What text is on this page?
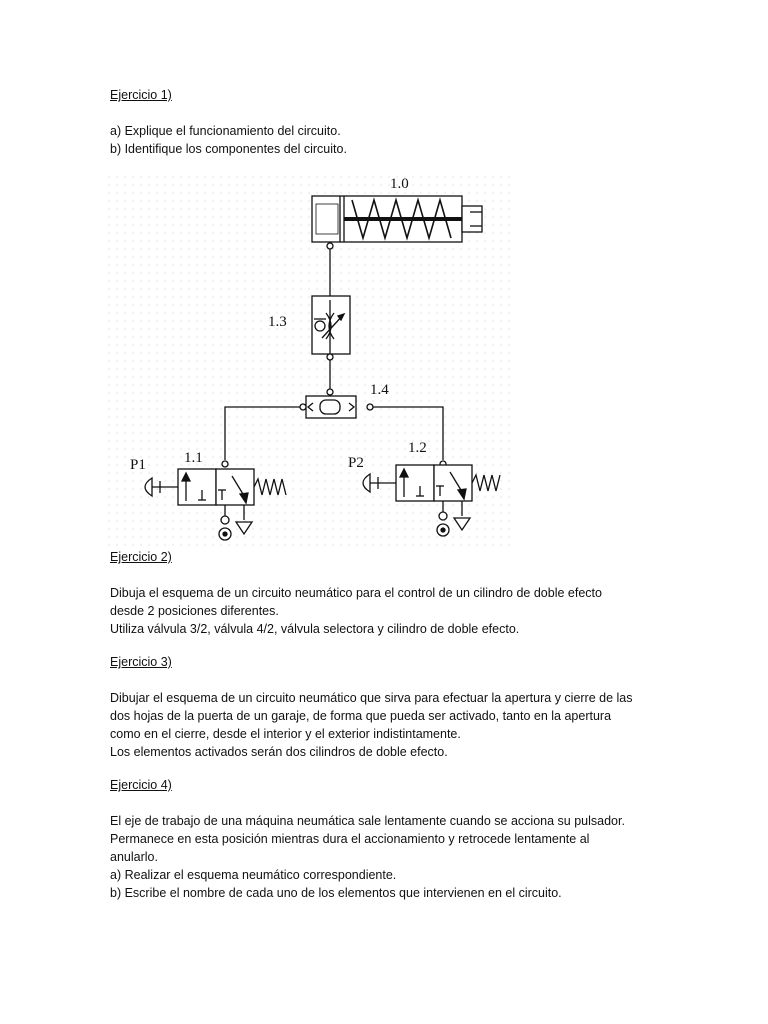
Ejercicio 1)
a) Explique el funcionamiento del circuito.
b) Identifique los componentes del circuito.
1.0
1.3
1.4
1.1
1.2
P1	P2
Ejercicio 2)
Dibuja el esquema de un circuito neumático para el control de un cilindro de doble efecto
desde 2 posiciones diferentes.
Utiliza válvula 3/2, válvula 4/2, válvula selectora y cilindro de doble efecto.
Ejercicio 3)
Dibujar el esquema de un circuito neumático que sirva para efectuar la apertura y cierre de las
dos hojas de la puerta de un garaje, de forma que pueda ser activado, tanto en la apertura
como en el cierre, desde el interior y el exterior indistintamente.
Los elementos activados serán dos cilindros de doble efecto.
Ejercicio 4)
El eje de trabajo de una máquina neumática sale lentamente cuando se acciona su pulsador.
Permanece en esta posición mientras dura el accionamiento y retrocede lentamente al
anularlo.
a) Realizar el esquema neumático correspondiente.
b) Escribe el nombre de cada uno de los elementos que intervienen en el circuito.
